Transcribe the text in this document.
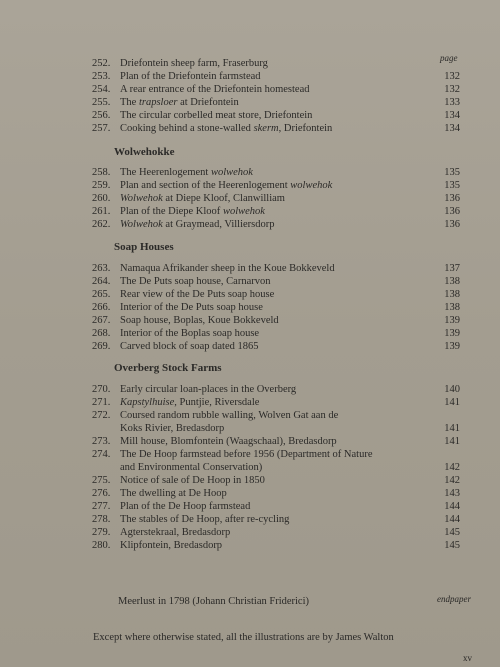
page
252. Driefontein sheep farm, Fraserburg
253. Plan of the Driefontein farmstead	132
254. A rear entrance of the Driefontein homestead	132
255. The trapsloer at Driefontein	133
256. The circular corbelled meat store, Driefontein	134
257. Cooking behind a stone-walled skerm, Driefontein	134
Wolwehokke
258. The Heerenlogement wolwehok	135
259. Plan and section of the Heerenlogement wolwehok	135
260. Wolwehok at Diepe Kloof, Clanwilliam	136
261. Plan of the Diepe Kloof wolwehok	136
262. Wolwehok at Graymead, Villiersdorp	136
Soap Houses
263. Namaqua Afrikander sheep in the Koue Bokkeveld	137
264. The De Puts soap house, Carnarvon	138
265. Rear view of the De Puts soap house	138
266. Interior of the De Puts soap house	138
267. Soap house, Boplas, Koue Bokkeveld	139
268. Interior of the Boplas soap house	139
269. Carved block of soap dated 1865	139
Overberg Stock Farms
270. Early circular loan-places in the Overberg	140
271. Kapstylhuise, Puntjie, Riversdale	141
272. Coursed random rubble walling, Wolven Gat aan de
Koks Rivier, Bredasdorp	141
273. Mill house, Blomfontein (Waagschaal), Bredasdorp	141
274. The De Hoop farmstead before 1956 (Department of Nature
and Environmental Conservation)	142
275. Notice of sale of De Hoop in 1850	142
276. The dwelling at De Hoop	143
277. Plan of the De Hoop farmstead	144
278. The stables of De Hoop, after re-cycling	144
279. Agterstekraal, Bredasdorp	145
280. Klipfontein, Bredasdorp	145
Meerlust in 1798 (Johann Christian Friderici)	endpaper
Except where otherwise stated, all the illustrations are by James Walton
xv
